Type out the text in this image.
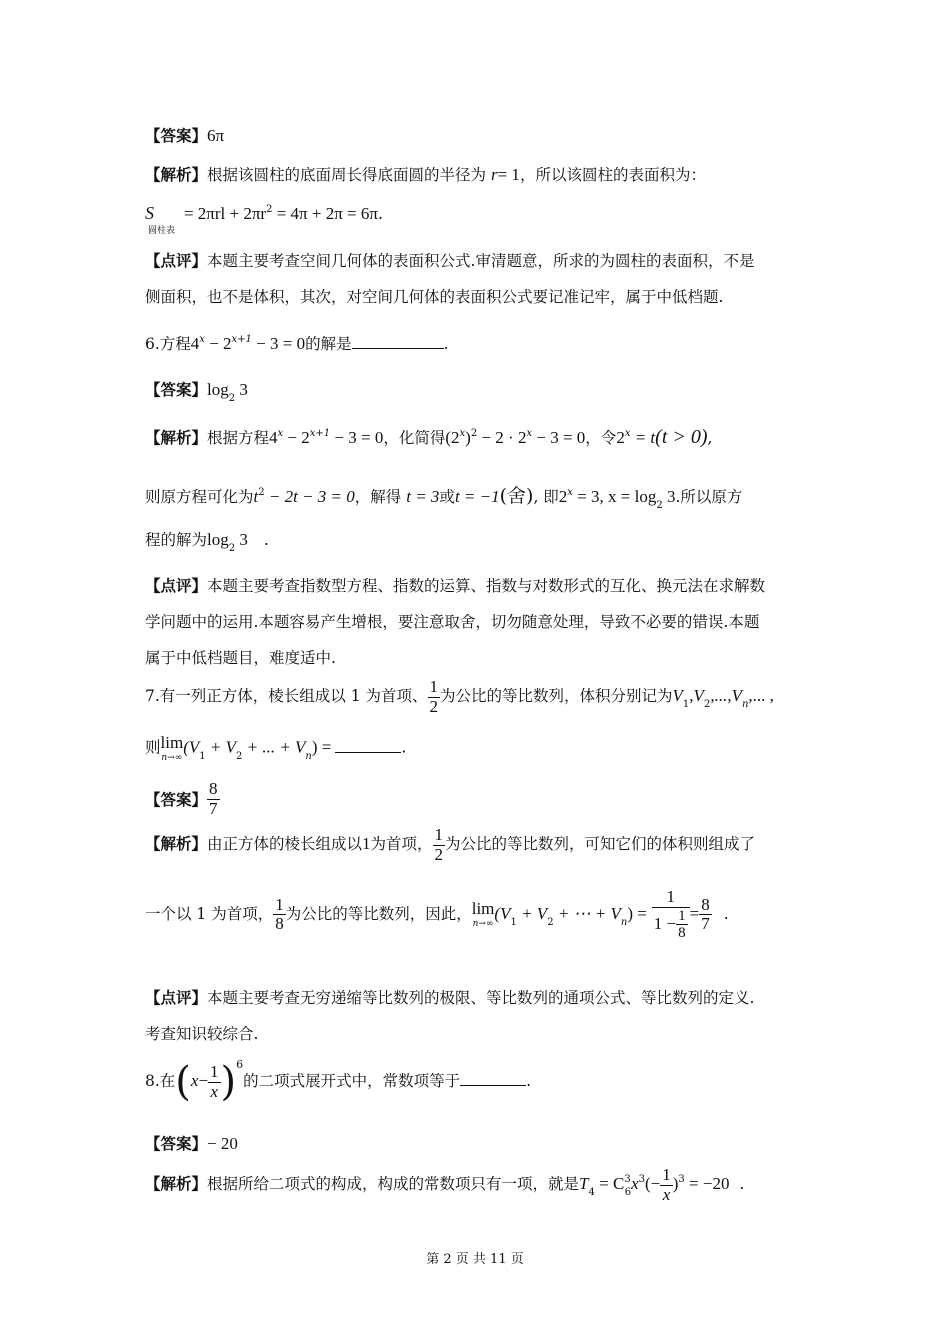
【答案】6π
【解析】根据该圆柱的底面周长得底面圆的半径为 r= 1，所以该圆柱的表面积为：
$S_{圆柱表} = 2\pi rl + 2\pi r^2 = 4\pi + 2\pi = 6\pi$.
【点评】本题主要考查空间几何体的表面积公式.审清题意，所求的为圆柱的表面积，不是
侧面积，也不是体积，其次，对空间几何体的表面积公式要记准记牢，属于中低档题.
6.方程$4^x - 2^{x+1} - 3 = 0$的解是	.
【答案】$\log_2 3$
【解析】根据方程$4^x - 2^{x+1} - 3 = 0$，化简得$(2^x)^2 - 2 \cdot 2^x - 3 = 0$，令$2^x = t(t > 0)$,
则原方程可化为$t^2 - 2t - 3 = 0$，解得 t = 3或t = −1(舍), 即$2^x = 3$, $x = \log_2 3$.所以原方
程的解为$\log_2 3$ .
【点评】本题主要考查指数型方程、指数的运算、指数与对数形式的互化、换元法在求解数
学问题中的运用.本题容易产生增根，要注意取舍，切勿随意处理，导致不必要的错误.本题
属于中低档题目，难度适中.
7.有一列正方体，棱长组成以 1 为首项、 $\frac{1}{2}$ 为公比的等比数列，体积分别记为$V_1,V_2,...,V_n$,... ,
则 lim
n→∞
($V_1 + V_2$ + ... + $V_n$) =	.
【答案】 $\frac{8}{7}$
【解析】由正方体的棱长组成以1为首项， $\frac{1}{2}$ 为公比的等比数列，可知它们的体积则组成了
一个以 1 为首项， $\frac{1}{8}$ 为公比的等比数列，因此， lim
n→∞
($V_1 + V_2$ + ⋯ + $V_n) = \frac{1}{1 - \frac{1}{8}} = \frac{8}{7}$ .
【点评】本题主要考查无穷递缩等比数列的极限、等比数列的通项公式、等比数列的定义.
考查知识较综合.
8.在$(x- \frac{1}{x} )^6$的二项式展开式中，常数项等于	.
【答案】− 20
【解析】根据所给二项式的构成，构成的常数项只有一项，就是$T_4 = C^3_6x^3(- \frac{1}{x} )^3 = -20$ .
第 2 页 共 11 页
